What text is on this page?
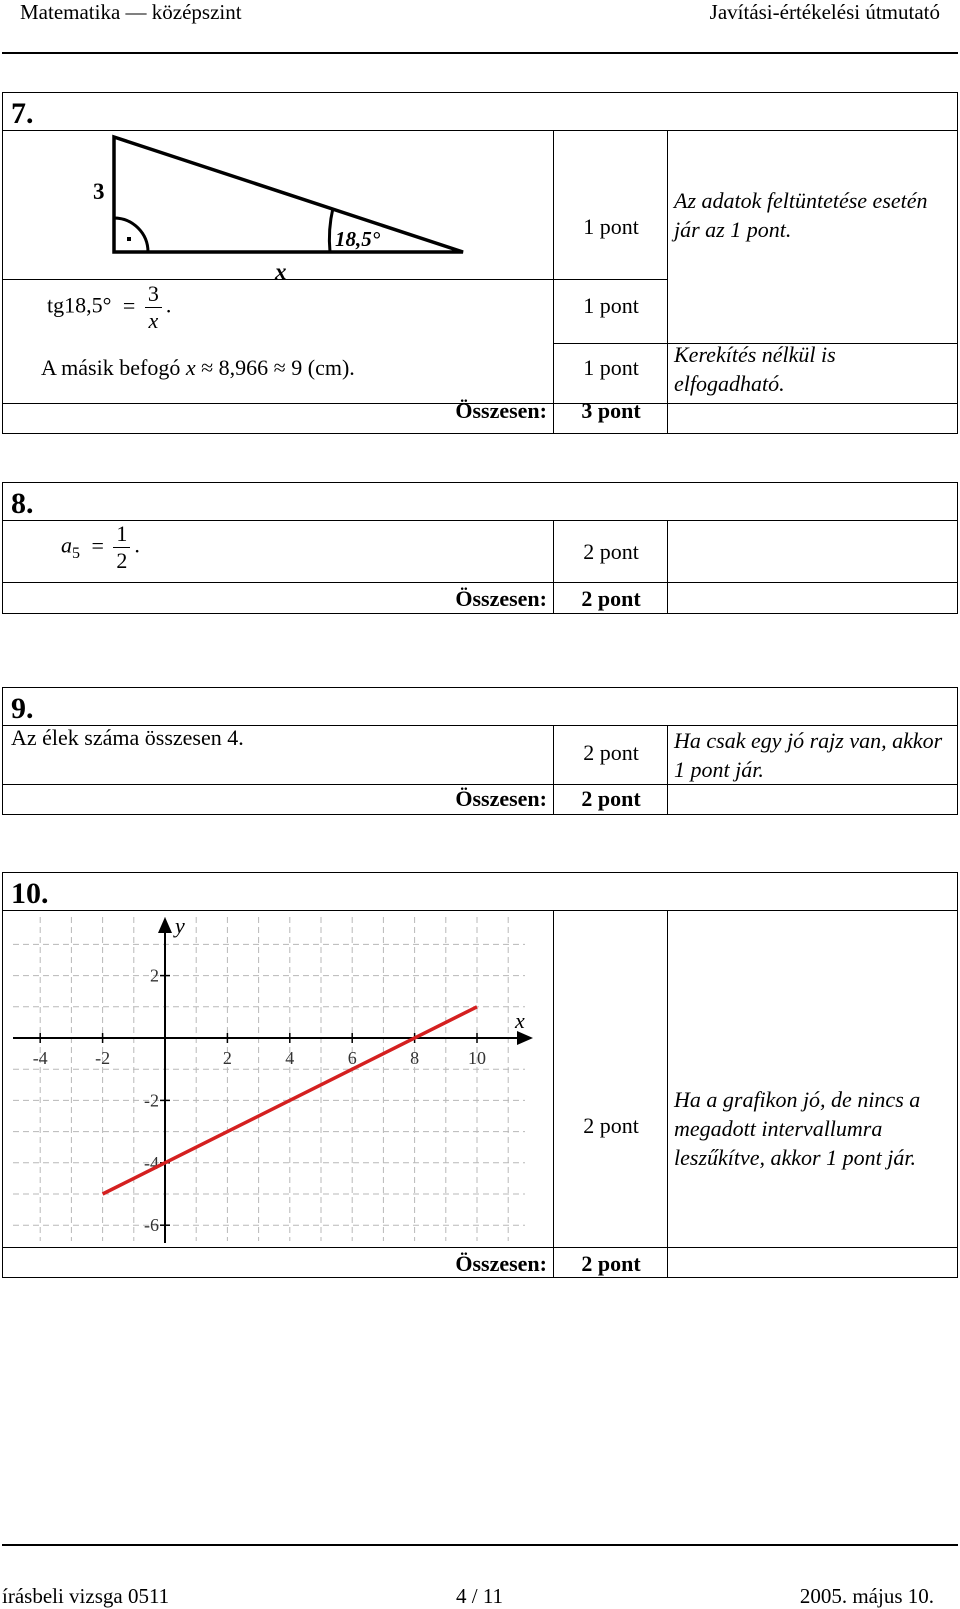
Matematika — középszint	Javítási-értékelési útmutató
7.
3
18,5°
x
1 pont
Az adatok feltüntetése esetén jár az 1 pont.
$tg18,5^\circ = \frac{3}{x}$ .	1 pont
A másik befogó x ≈ 8,966 ≈ 9 (cm).	1 pont
Kerekítés nélkül is elfogadható.
Összesen:	3 pont
8.
$a_5 = \frac{1}{2}$ .	2 pont
Összesen:	2 pont
9.
Az élek száma összesen 4.
2 pont	Ha csak egy jó rajz van, akkor 1 pont jár.
Összesen:	2 pont
10.
x
y
-4	-2	2	4	6	8	10
2
-2
-4
-6
2 pont
Ha a grafikon jó, de nincs a megadott intervallumra leszűkítve, akkor 1 pont jár.
Összesen:	2 pont
írásbeli vizsga 0511	4 / 11	2005. május 10.
